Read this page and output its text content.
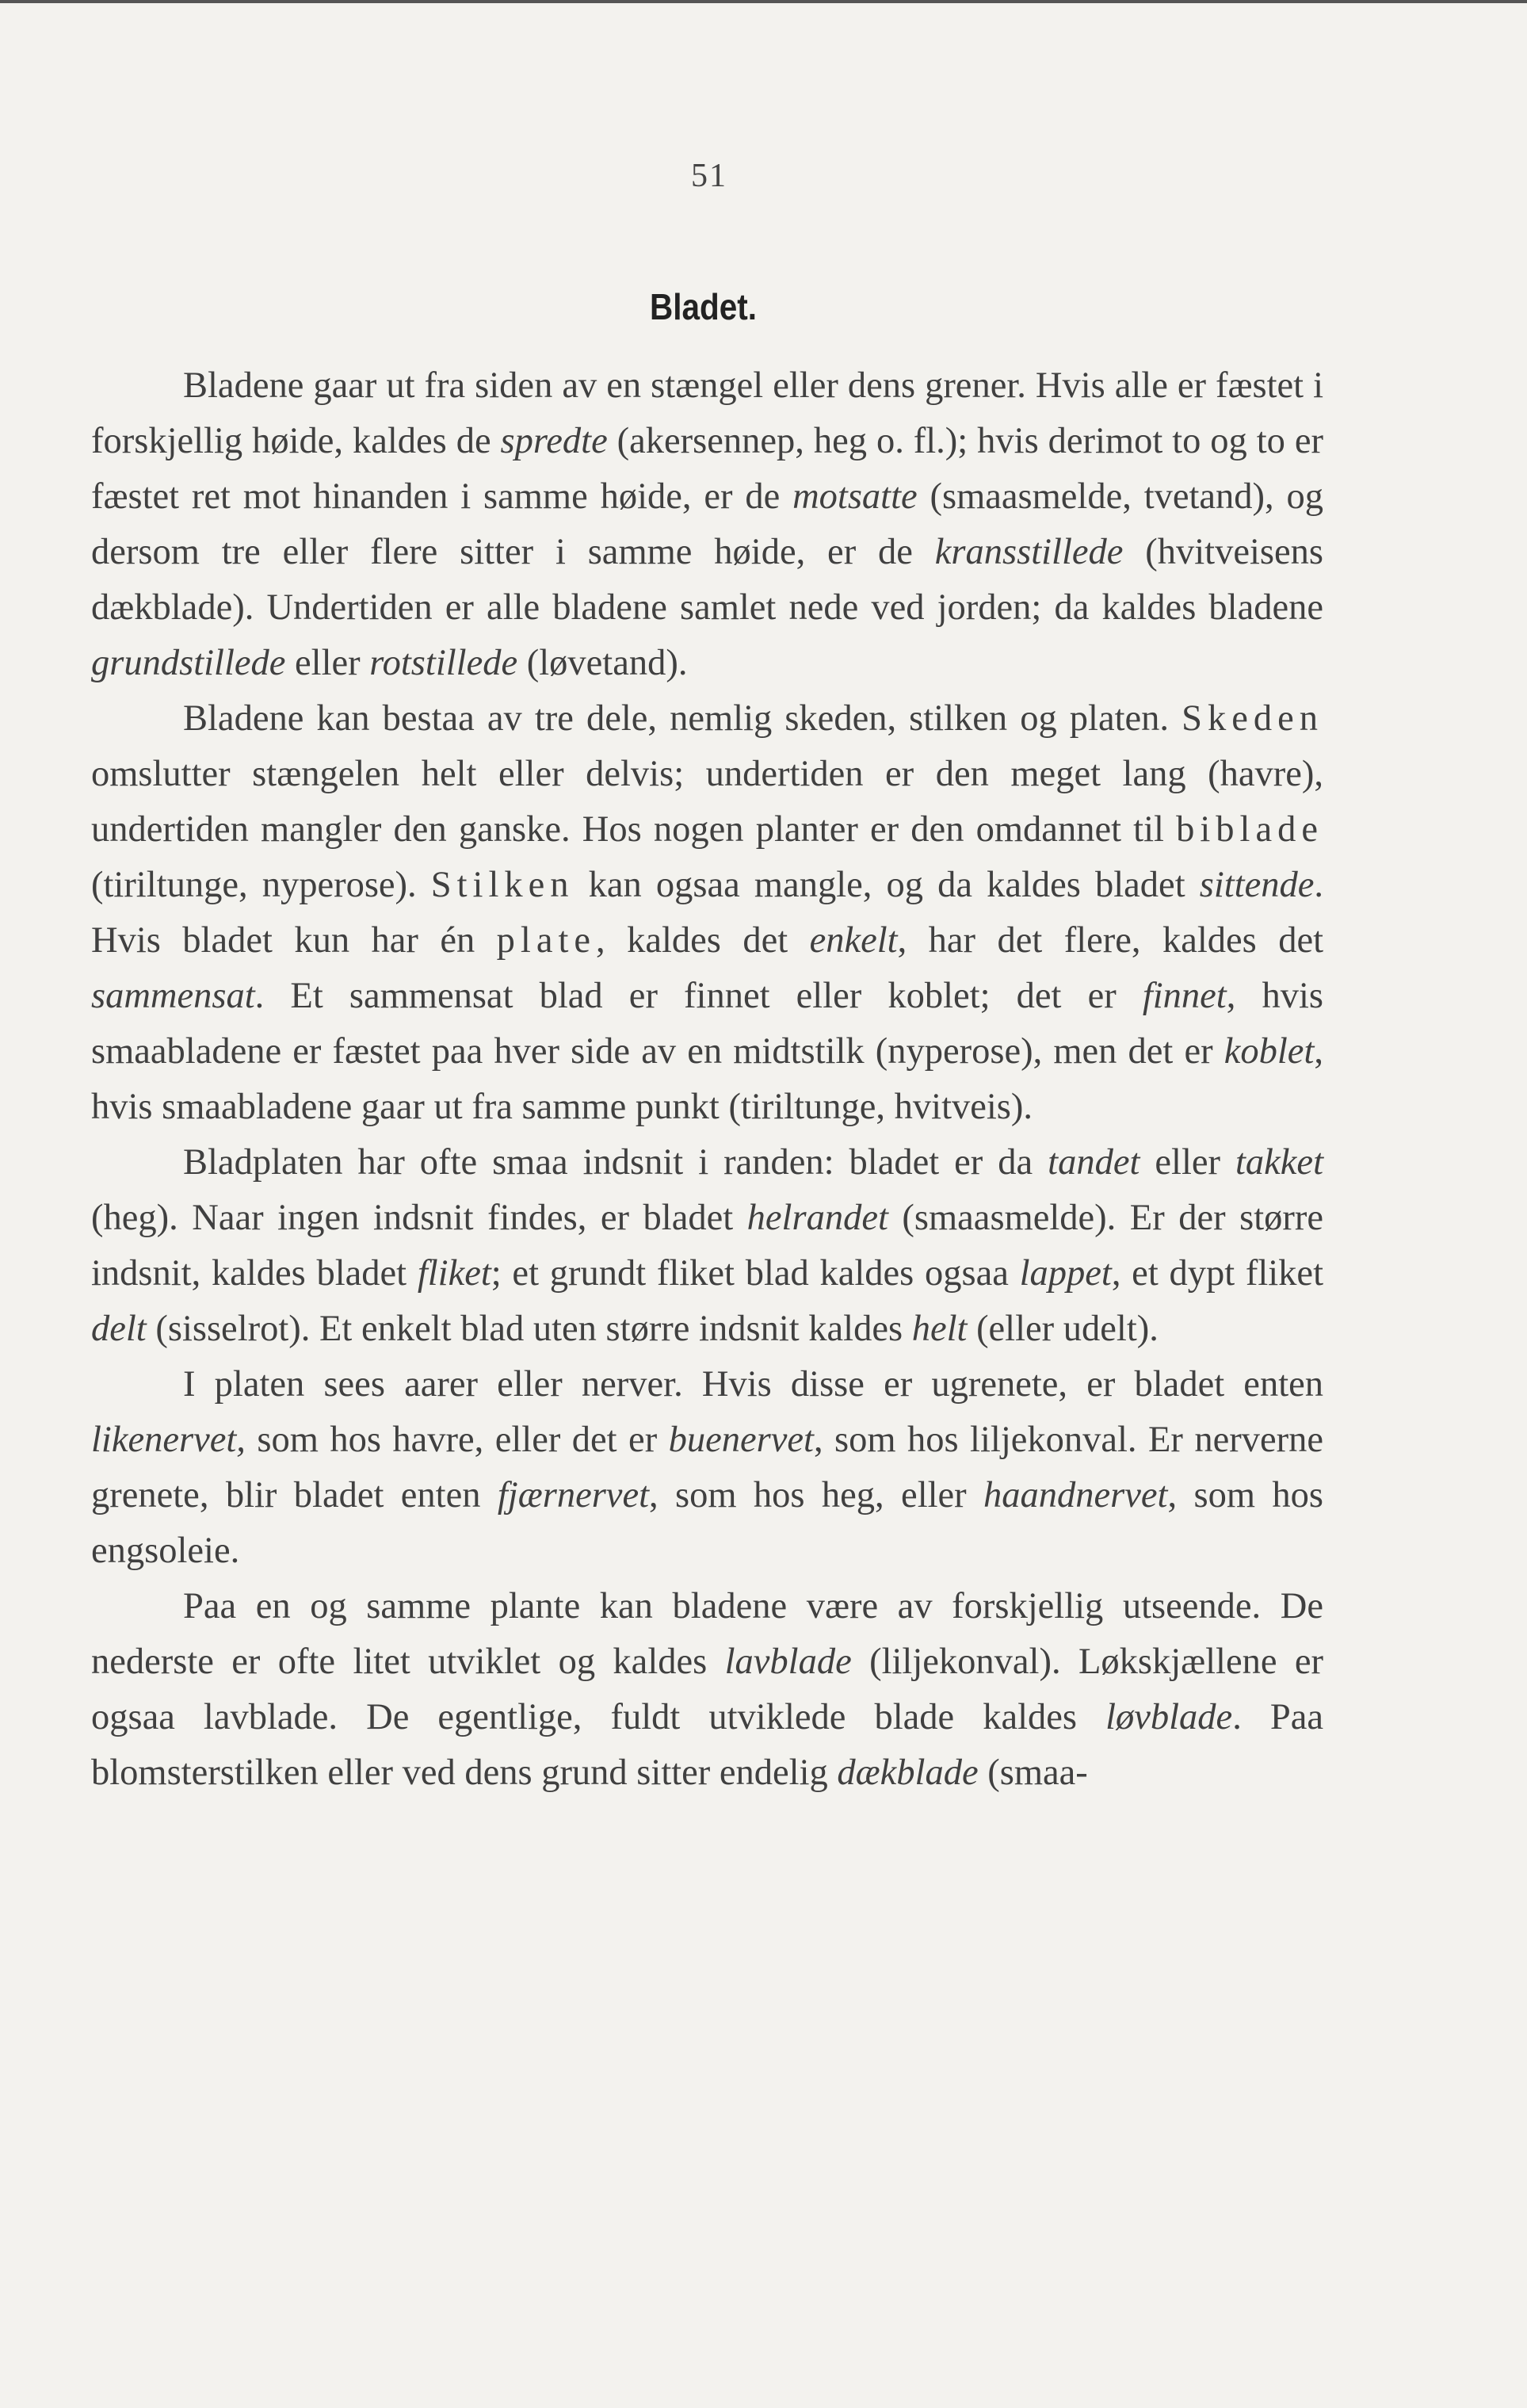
51
Bladet.

Bladene gaar ut fra siden av en stængel eller dens grener. Hvis alle er fæstet i forskjellig høide, kaldes de spredte (akersennep, heg o. fl.); hvis derimot to og to er fæstet ret mot hinanden i samme høide, er de motsatte (smaasmelde, tvetand), og dersom tre eller flere sitter i samme høide, er de kransstillede (hvitveisens dækblade). Undertiden er alle bladene samlet nede ved jorden; da kaldes bladene grundstillede eller rotstillede (løvetand).

Bladene kan bestaa av tre dele, nemlig skeden, stilken og platen. Skeden omslutter stængelen helt eller delvis; undertiden er den meget lang (havre), undertiden mangler den ganske. Hos nogen planter er den omdannet til biblade (tiriltunge, nyperose). Stilken kan ogsaa mangle, og da kaldes bladet sittende. Hvis bladet kun har én plate, kaldes det enkelt, har det flere, kaldes det sammensat. Et sammensat blad er finnet eller koblet; det er finnet, hvis smaabladene er fæstet paa hver side av en midtstilk (nyperose), men det er koblet, hvis smaabladene gaar ut fra samme punkt (tiriltunge, hvitveis).

Bladplaten har ofte smaa indsnit i randen: bladet er da tandet eller takket (heg). Naar ingen indsnit findes, er bladet helrandet (smaasmelde). Er der større indsnit, kaldes bladet fliket; et grundt fliket blad kaldes ogsaa lappet, et dypt fliket delt (sisselrot). Et enkelt blad uten større indsnit kaldes helt (eller udelt).

I platen sees aarer eller nerver. Hvis disse er ugrenete, er bladet enten likenervet, som hos havre, eller det er buenervet, som hos liljekonval. Er nerverne grenete, blir bladet enten fjærnervet, som hos heg, eller haandnervet, som hos engsoleie.

Paa en og samme plante kan bladene være av forskjellig utseende. De nederste er ofte litet utviklet og kaldes lavblade (liljekonval). Løkskjællene er ogsaa lavblade. De egentlige, fuldt utviklede blade kaldes løvblade. Paa blomsterstilken eller ved dens grund sitter endelig dækblade (smaa-
